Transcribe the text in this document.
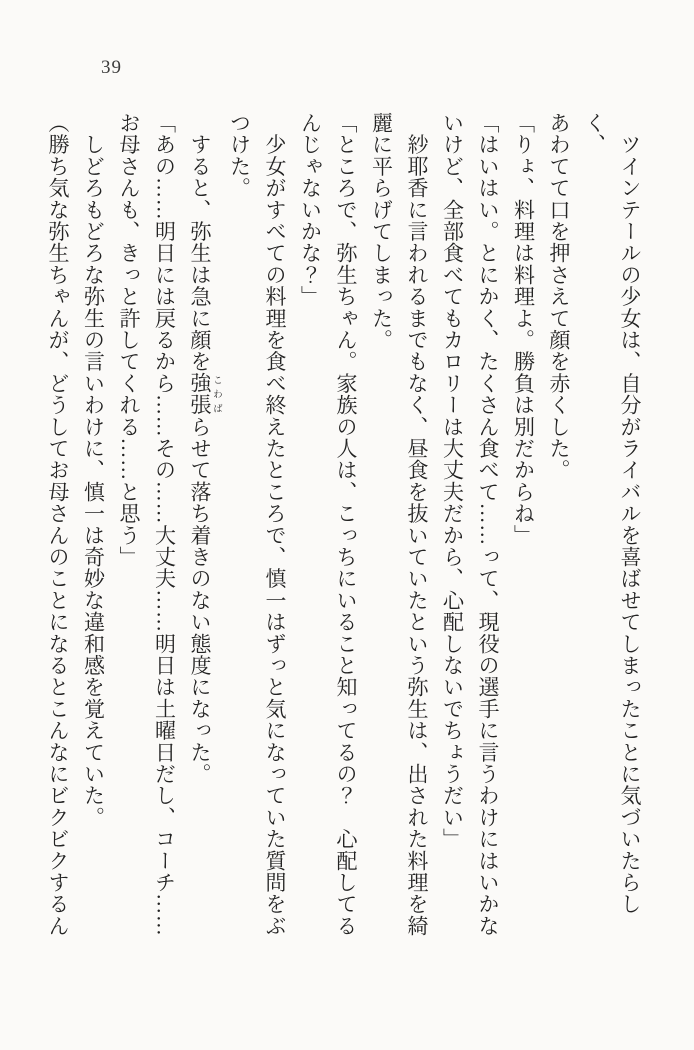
39

　ツインテールの少女は、自分がライバルを喜ばせてしまったことに気づいたらしく、

あわてて口を押さえて顔を赤くした。

「りょ、料理は料理よ。勝負は別だからね」

「はいはい。とにかく、たくさん食べて……って、現役の選手に言うわけにはいかな

いけど、全部食べてもカロリーは大丈夫だから、心配しないでちょうだい」

　紗耶香に言われるまでもなく、昼食を抜いていたという弥生は、出された料理を綺

麗に平らげてしまった。

「ところで、弥生ちゃん。家族の人は、こっちにいること知ってるの？　心配してる

んじゃないかな？」

　少女がすべての料理を食べ終えたところで、慎一はずっと気になっていた質問をぶ

つけた。

　すると、弥生は急に顔を強張 こわばらせて落ち着きのない態度になった。

「あの……明日には戻るから……その……大丈夫……明日は土曜日だし、コーチ……

お母さんも、きっと許してくれる……と思う」

　しどろもどろな弥生の言いわけに、慎一は奇妙な違和感を覚えていた。

（勝ち気な弥生ちゃんが、どうしてお母さんのことになるとこんなにビクビクするん
